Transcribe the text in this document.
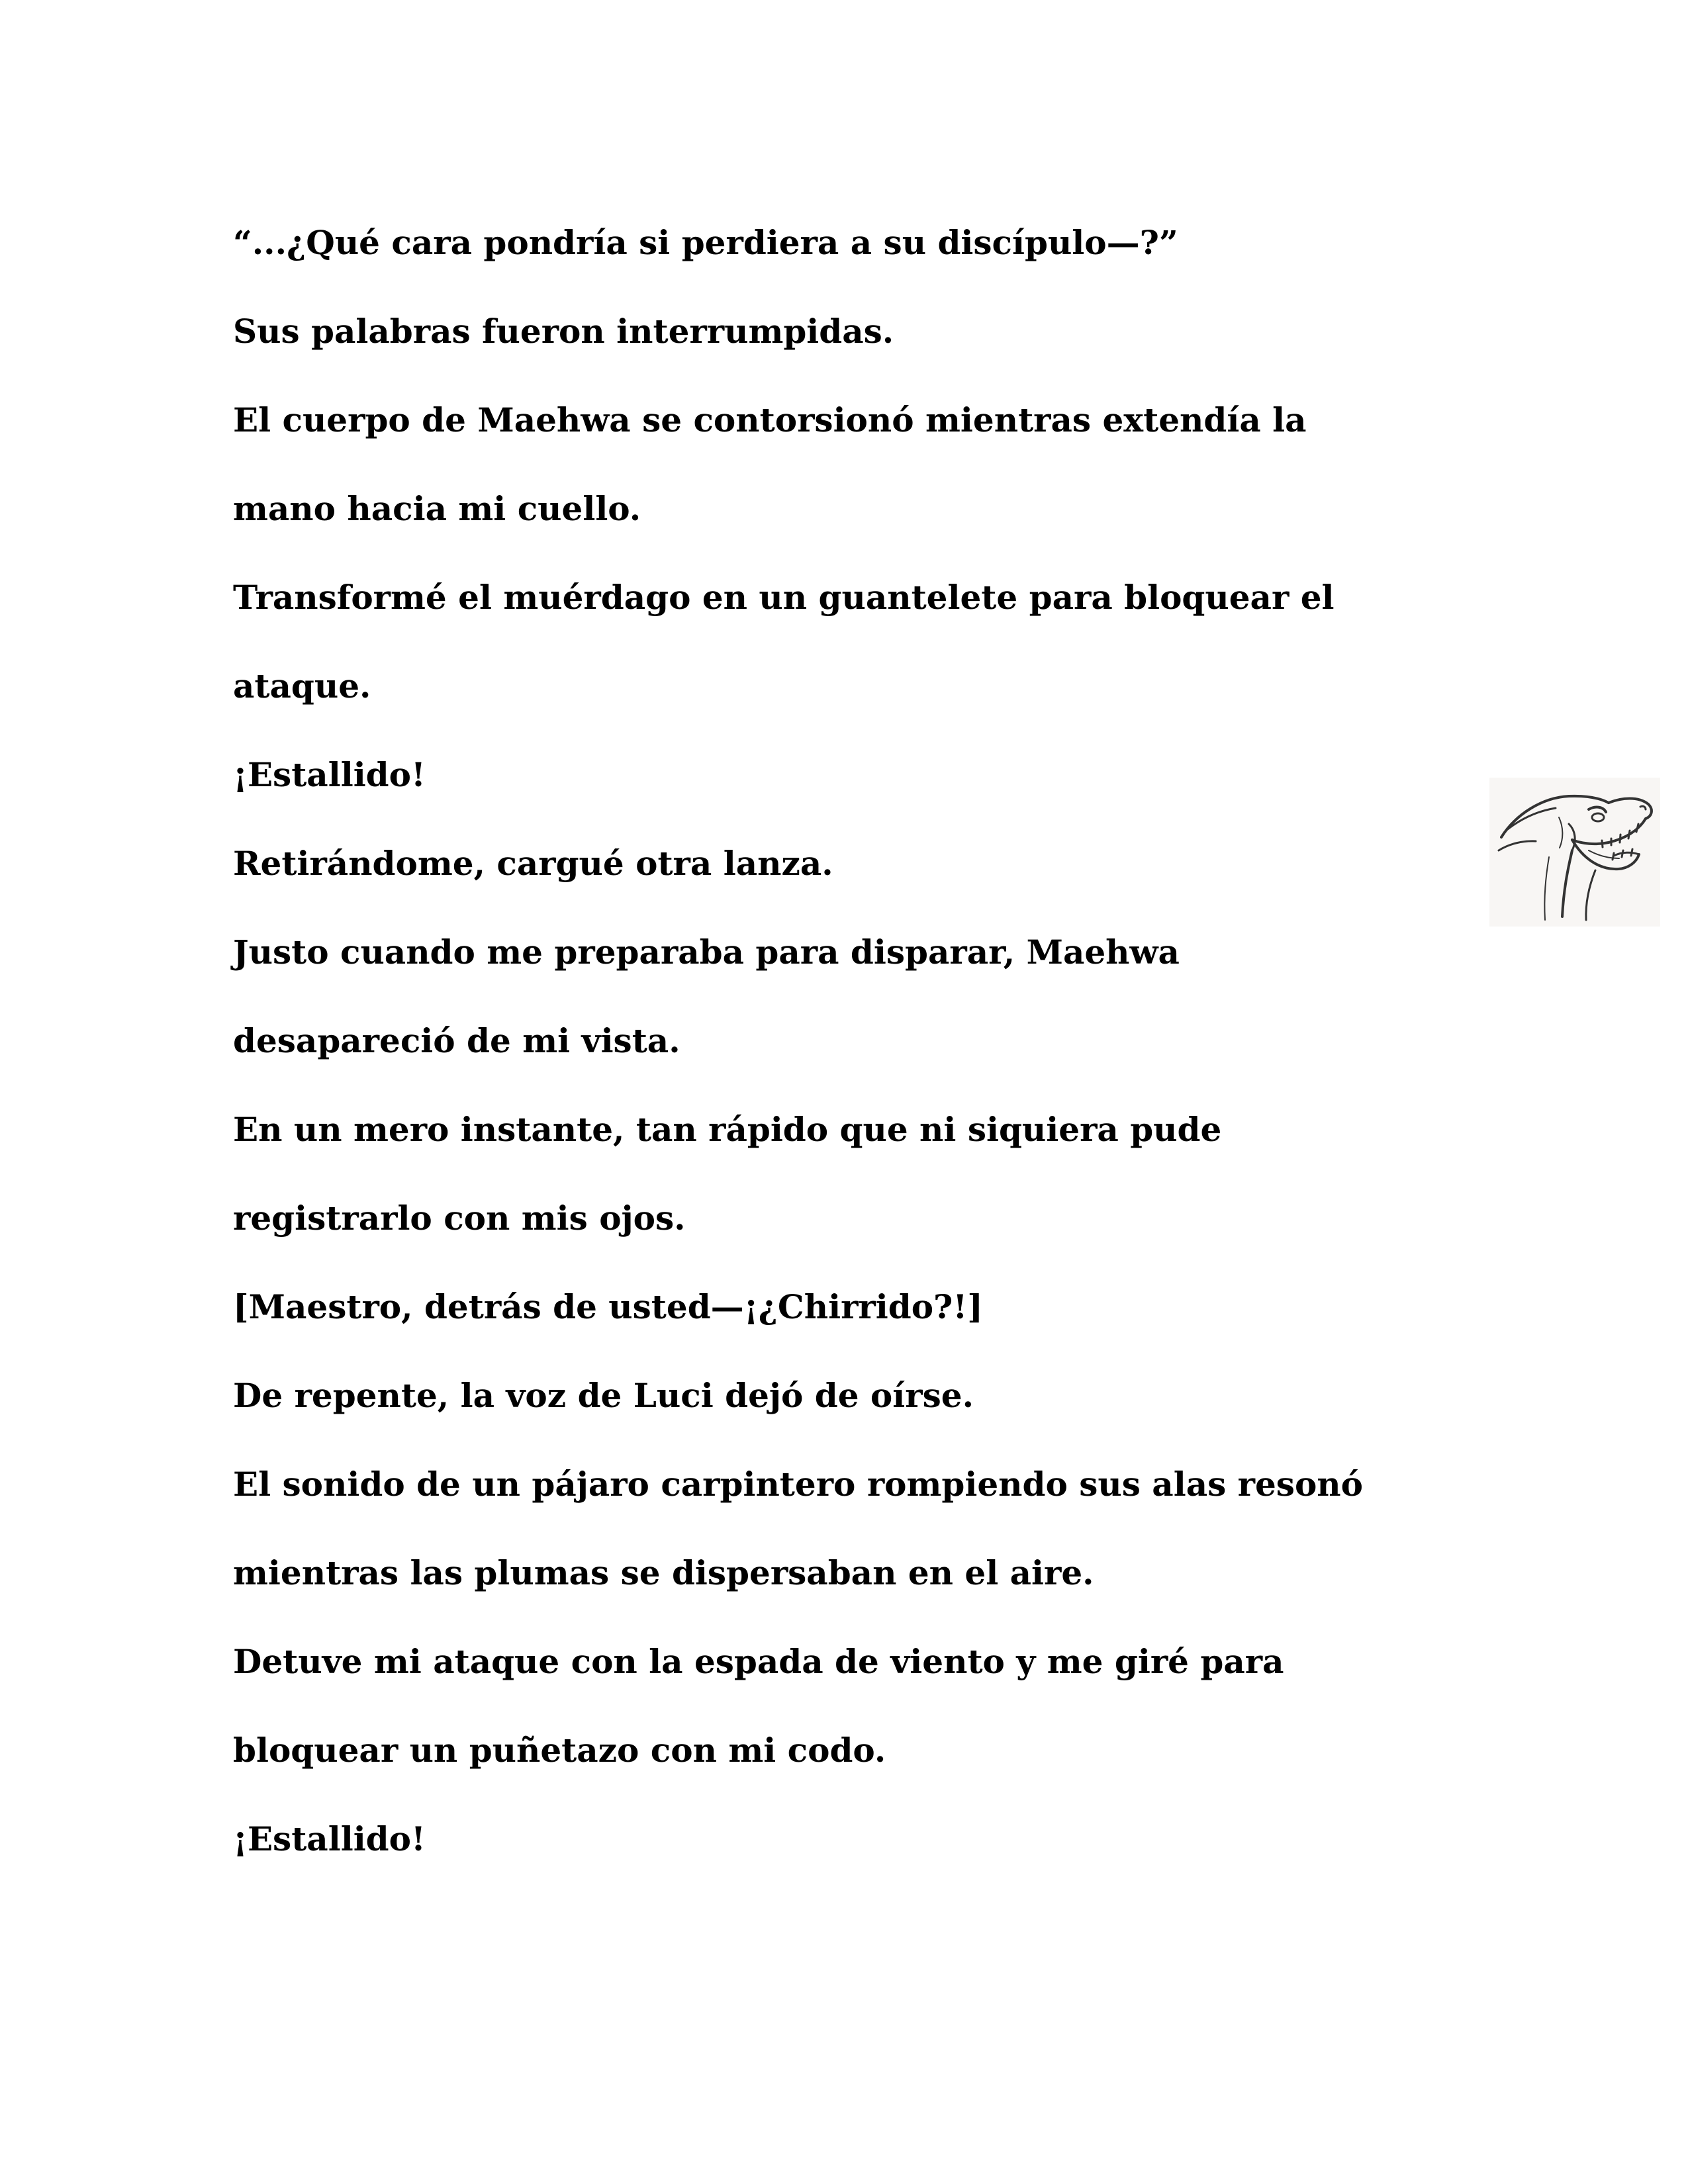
“...¿Qué cara pondría si perdiera a su discípulo—?”
Sus palabras fueron interrumpidas.
El cuerpo de Maehwa se contorsionó mientras extendía la
mano hacia mi cuello.
Transformé el muérdago en un guantelete para bloquear el
ataque.
¡Estallido!
Retirándome, cargué otra lanza.
Justo cuando me preparaba para disparar, Maehwa
desapareció de mi vista.
En un mero instante, tan rápido que ni siquiera pude
registrarlo con mis ojos.
[Maestro, detrás de usted—¡¿Chirrido?!]
De repente, la voz de Luci dejó de oírse.
El sonido de un pájaro carpintero rompiendo sus alas resonó
mientras las plumas se dispersaban en el aire.
Detuve mi ataque con la espada de viento y me giré para
bloquear un puñetazo con mi codo.
¡Estallido!
